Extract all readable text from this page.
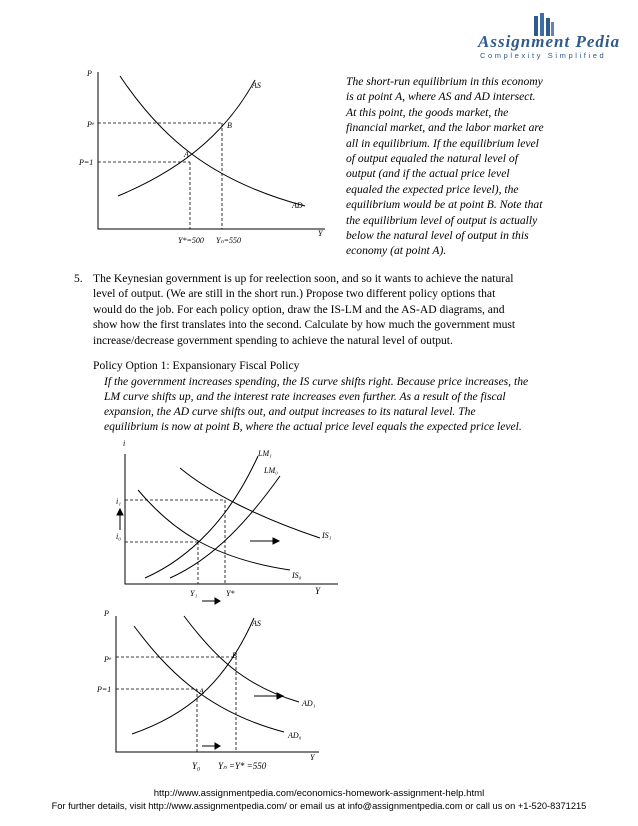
Assignment Pedia
Complexity Simplified
P
Y
AS
AD
Pᵉ
P=1
A
B
Y*=500 Yₙ=550
The short-run equilibrium in this economy
is at point A, where AS and AD intersect.
At this point, the goods market, the
financial market, and the labor market are
all in equilibrium. If the equilibrium level
of output equaled the natural level of
output (and if the actual price level
equaled the expected price level), the
equilibrium would be at point B. Note that
the equilibrium level of output is actually
below the natural level of output in this
economy (at point A).
5. The Keynesian government is up for reelection soon, and so it wants to achieve the natural
level of output. (We are still in the short run.) Propose two different policy options that
would do the job. For each policy option, draw the IS-LM and the AS-AD diagrams, and
show how the first translates into the second. Calculate by how much the government must
increase/decrease government spending to achieve the natural level of output.
Policy Option 1: Expansionary Fiscal Policy
If the government increases spending, the IS curve shifts right. Because price increases, the
LM curve shifts up, and the interest rate increases even further. As a result of the fiscal
expansion, the AD curve shifts out, and output increases to its natural level. The
equilibrium is now at point B, where the actual price level equals the expected price level.
i
Y
LM₁
LM₀
IS₁
IS₀
i₁
i₀
Y₁	Y*
P
Y
AS
Pᵉ
P=1	A
B
AD₁
AD₀
Y₀ Yₙ =Y* =550
http://www.assignmentpedia.com/economics-homework-assignment-help.html
For further details, visit http://www.assignmentpedia.com/ or email us at info@assignmentpedia.com or call us on +1-520-8371215
